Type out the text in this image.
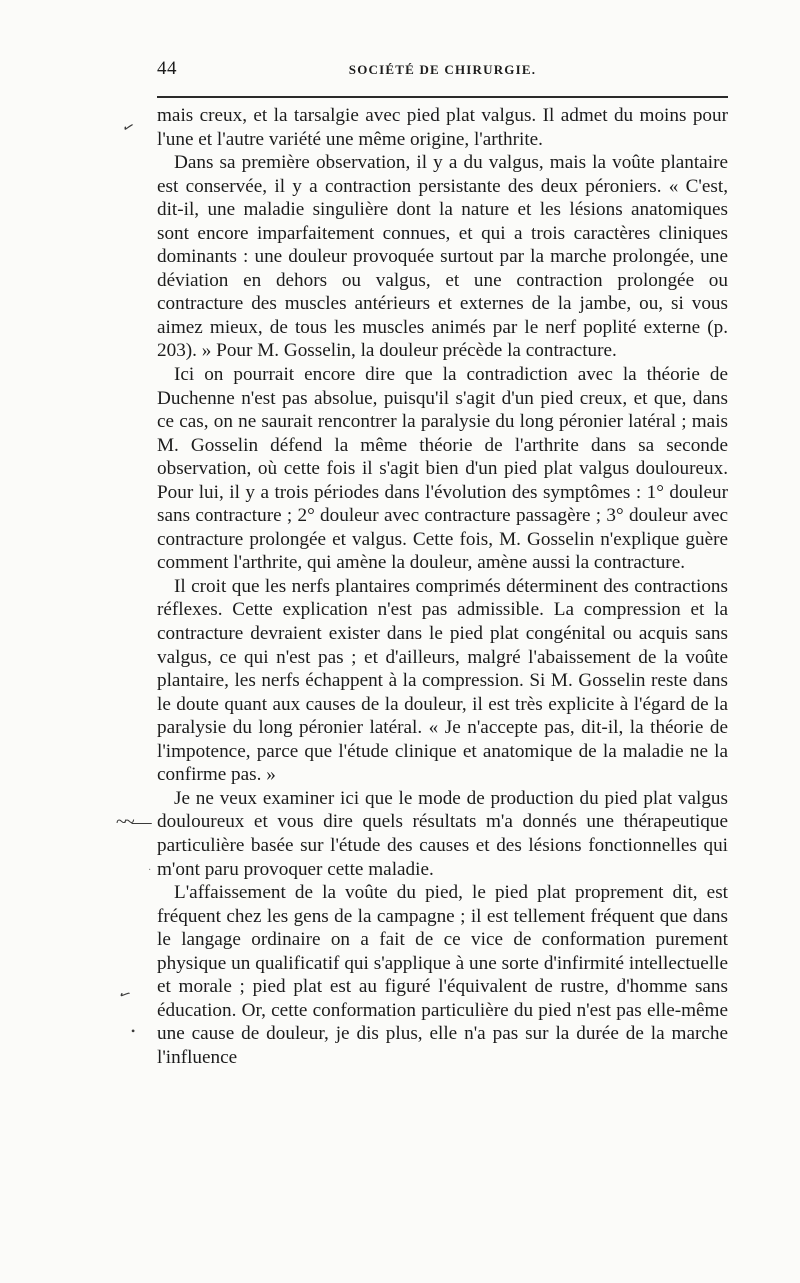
44	SOCIÉTÉ DE CHIRURGIE.
✓
~~—
·
✓
•

mais creux, et la tarsalgie avec pied plat valgus. Il admet du moins pour l'une et l'autre variété une même origine, l'arthrite.

Dans sa première observation, il y a du valgus, mais la voûte plantaire est conservée, il y a contraction persistante des deux péroniers. « C'est, dit-il, une maladie singulière dont la nature et les lésions anatomiques sont encore imparfaitement connues, et qui a trois caractères cliniques dominants : une douleur provoquée surtout par la marche prolongée, une déviation en dehors ou valgus, et une contraction prolongée ou contracture des muscles antérieurs et externes de la jambe, ou, si vous aimez mieux, de tous les muscles animés par le nerf poplité externe (p. 203). » Pour M. Gosselin, la douleur précède la contracture.

Ici on pourrait encore dire que la contradiction avec la théorie de Duchenne n'est pas absolue, puisqu'il s'agit d'un pied creux, et que, dans ce cas, on ne saurait rencontrer la paralysie du long péronier latéral ; mais M. Gosselin défend la même théorie de l'arthrite dans sa seconde observation, où cette fois il s'agit bien d'un pied plat valgus douloureux. Pour lui, il y a trois périodes dans l'évolution des symptômes : 1° douleur sans contracture ; 2° douleur avec contracture passagère ; 3° douleur avec contracture prolongée et valgus. Cette fois, M. Gosselin n'explique guère comment l'arthrite, qui amène la douleur, amène aussi la contracture.

Il croit que les nerfs plantaires comprimés déterminent des contractions réflexes. Cette explication n'est pas admissible. La compression et la contracture devraient exister dans le pied plat congénital ou acquis sans valgus, ce qui n'est pas ; et d'ailleurs, malgré l'abaissement de la voûte plantaire, les nerfs échappent à la compression. Si M. Gosselin reste dans le doute quant aux causes de la douleur, il est très explicite à l'égard de la paralysie du long péronier latéral. « Je n'accepte pas, dit-il, la théorie de l'impotence, parce que l'étude clinique et anatomique de la maladie ne la confirme pas. »

Je ne veux examiner ici que le mode de production du pied plat valgus douloureux et vous dire quels résultats m'a donnés une thérapeutique particulière basée sur l'étude des causes et des lésions fonctionnelles qui m'ont paru provoquer cette maladie.

L'affaissement de la voûte du pied, le pied plat proprement dit, est fréquent chez les gens de la campagne ; il est tellement fréquent que dans le langage ordinaire on a fait de ce vice de conformation purement physique un qualificatif qui s'applique à une sorte d'infirmité intellectuelle et morale ; pied plat est au figuré l'équivalent de rustre, d'homme sans éducation. Or, cette conformation particulière du pied n'est pas elle-même une cause de douleur, je dis plus, elle n'a pas sur la durée de la marche l'influence
